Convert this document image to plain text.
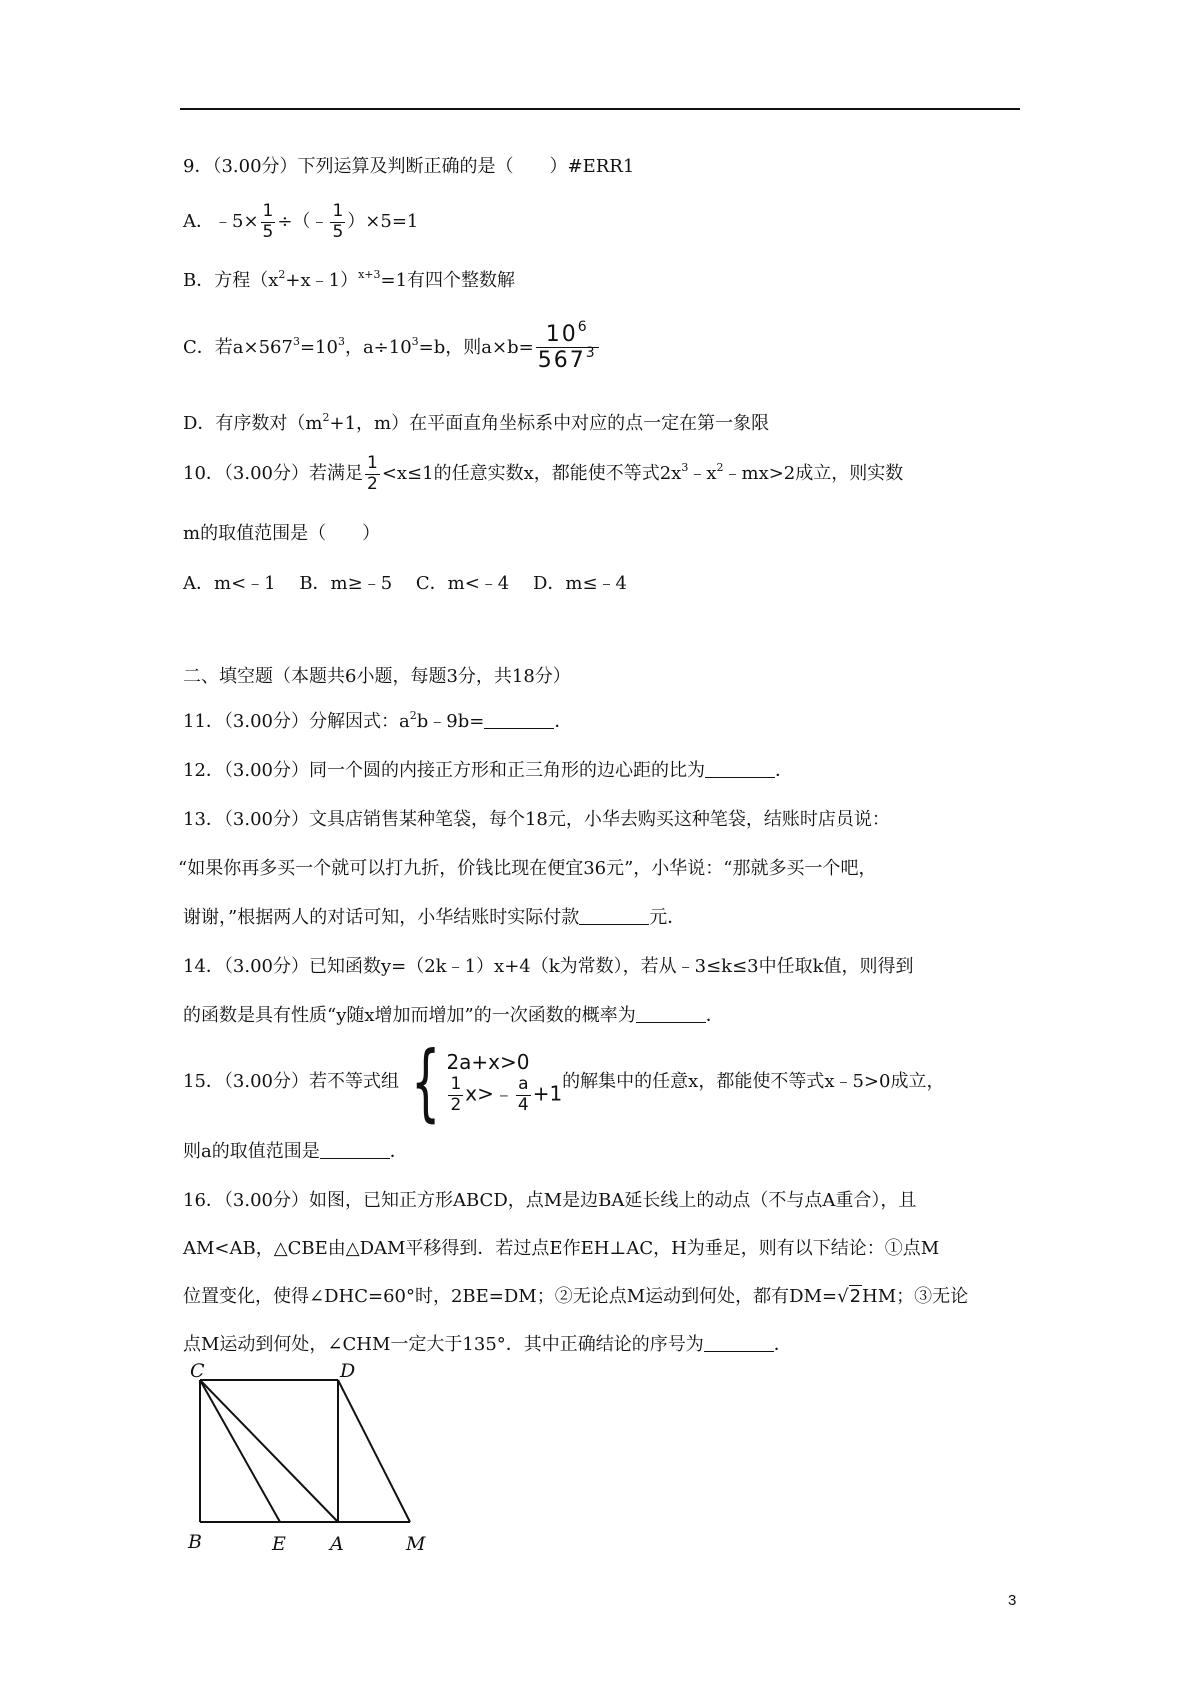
9．（3.00分）下列运算及判断正确的是（　　）#ERR1
A．﹣5× $\frac{1}{5}$ ÷（﹣ $\frac{1}{5} )\times 5=1$
B．方程$(x^2+x﹣1)^{x+3}=1$有四个整数解
C．若$a\times 567^3=10^3$，$a\div 10^3=b$，则$a\times b= \frac{10^6}{567^3}$
D．有序数对（$m^2+1$，m）在平面直角坐标系中对应的点一定在第一象限
10．（3.00分）若满足 $\frac{1}{2} <x\le 1$的任意实数x，都能使不等式$2x^3﹣x^2﹣mx>2$成立，则实数
m的取值范围是（　　）
A．m<﹣1　 B．m≥﹣5　 C．m<﹣4　 D．m≤﹣4
二、填空题（本题共6小题，每题3分，共18分）
11．（3.00分）分解因式：$a^2b﹣9b=$	．
12．（3.00分）同一个圆的内接正方形和正三角形的边心距的比为	．
13．（3.00分）文具店销售某种笔袋，每个18元，小华去购买这种笔袋，结账时店员说：
“如果你再多买一个就可以打九折，价钱比现在便宜36元”，小华说：“那就多买一个吧，
谢谢，”根据两人的对话可知，小华结账时实际付款	元．
14．（3.00分）已知函数y=（2k﹣1）x+4（k为常数），若从﹣3≤k≤3中任取k值，则得到
的函数是具有性质“y随x增加而增加”的一次函数的概率为	．
15．（3.00分）若不等式组 { 2a+x>0
$\frac{1}{2}$ x>﹣ $\frac{a}{4} +1$ 的解集中的任意x，都能使不等式x﹣5>0成立，
则a的取值范围是	．
16．（3.00分）如图，已知正方形ABCD，点M是边BA延长线上的动点（不与点A重合），且
AM<AB，△CBE由△DAM平移得到．若过点E作EH⊥AC，H为垂足，则有以下结论：①点M
位置变化，使得∠DHC=60°时，2BE=DM；②无论点M运动到何处，都有DM=√2HM；③无论
点M运动到何处，∠CHM一定大于135°．其中正确结论的序号为	．
C	D
B	E A	M
3
